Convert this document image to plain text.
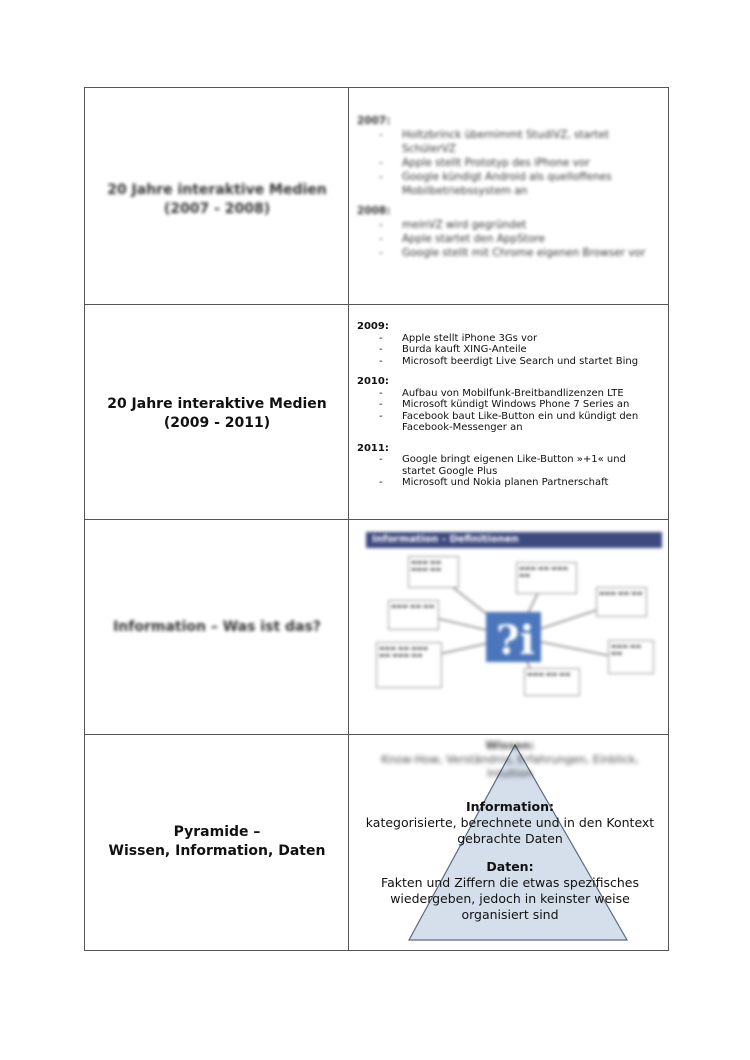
20 Jahre interaktive Medien
(2007 - 2008)
2007:
- Holtzbrinck übernimmt StudiVZ, startet SchülerVZ
- Apple stellt Prototyp des iPhone vor
- Google kündigt Android als quelloffenes Mobilbetriebssystem an
2008:
- meinVZ wird gegründet
- Apple startet den AppStore
- Google stellt mit Chrome eigenen Browser vor
20 Jahre interaktive Medien
(2009 - 2011)
2009:
- Apple stellt iPhone 3Gs vor
- Burda kauft XING-Anteile
- Microsoft beerdigt Live Search und startet Bing
2010:
- Aufbau von Mobilfunk-Breitbandlizenzen LTE
- Microsoft kündigt Windows Phone 7 Series an
- Facebook baut Like-Button ein und kündigt den Facebook-Messenger an
2011:
- Google bringt eigenen Like-Button »+1« und startet Google Plus
- Microsoft und Nokia planen Partnerschaft
Information – Was ist das?
Information - Definitionen
?i
▬▬▬ ▬▬ ▬▬▬ ▬▬	▬▬▬ ▬▬ ▬▬▬ ▬▬
▬▬▬ ▬▬ ▬▬
▬▬▬ ▬▬ ▬▬
▬▬▬ ▬▬ ▬▬▬ ▬▬ ▬▬▬ ▬▬
▬▬▬ ▬▬ ▬▬
▬▬▬ ▬▬ ▬▬
Pyramide –
Wissen, Information, Daten
Wissen:
Know-How, Verständnis, Erfahrungen, Einblick, Intuition
Information:
kategorisierte, berechnete und in den Kontext gebrachte Daten
Daten:
Fakten und Ziffern die etwas spezifisches wiedergeben, jedoch in keinster weise organisiert sind
